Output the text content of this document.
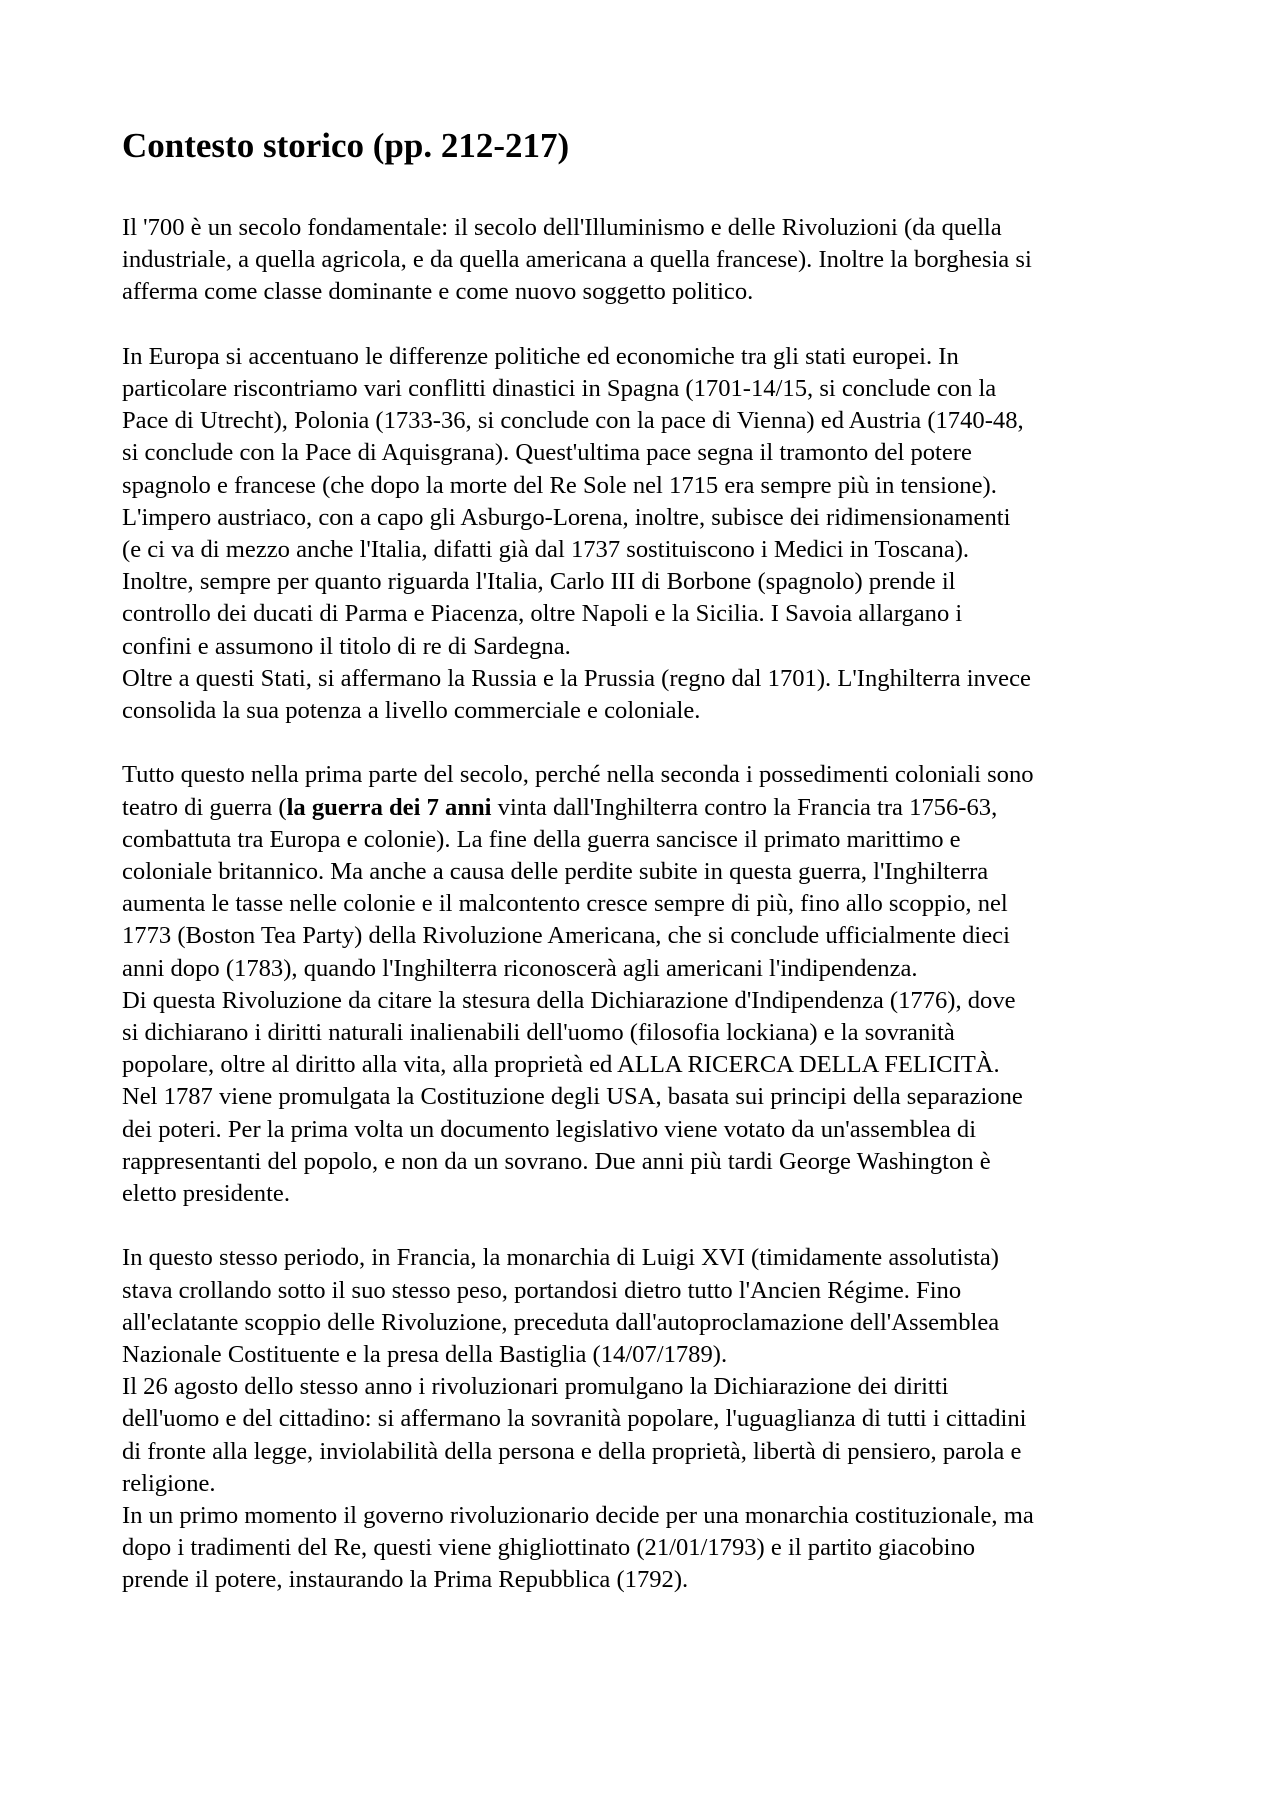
Contesto storico (pp. 212-217)

Il '700 è un secolo fondamentale: il secolo dell'Illuminismo e delle Rivoluzioni (da quella
industriale, a quella agricola, e da quella americana a quella francese). Inoltre la borghesia si
afferma come classe dominante e come nuovo soggetto politico.

In Europa si accentuano le differenze politiche ed economiche tra gli stati europei. In
particolare riscontriamo vari conflitti dinastici in Spagna (1701-14/15, si conclude con la
Pace di Utrecht), Polonia (1733-36, si conclude con la pace di Vienna) ed Austria (1740-48,
si conclude con la Pace di Aquisgrana). Quest'ultima pace segna il tramonto del potere
spagnolo e francese (che dopo la morte del Re Sole nel 1715 era sempre più in tensione).
L'impero austriaco, con a capo gli Asburgo-Lorena, inoltre, subisce dei ridimensionamenti
(e ci va di mezzo anche l'Italia, difatti già dal 1737 sostituiscono i Medici in Toscana).
Inoltre, sempre per quanto riguarda l'Italia, Carlo III di Borbone (spagnolo) prende il
controllo dei ducati di Parma e Piacenza, oltre Napoli e la Sicilia. I Savoia allargano i
confini e assumono il titolo di re di Sardegna.
Oltre a questi Stati, si affermano la Russia e la Prussia (regno dal 1701). L'Inghilterra invece
consolida la sua potenza a livello commerciale e coloniale.

Tutto questo nella prima parte del secolo, perché nella seconda i possedimenti coloniali sono
teatro di guerra (la guerra dei 7 anni vinta dall'Inghilterra contro la Francia tra 1756-63,
combattuta tra Europa e colonie). La fine della guerra sancisce il primato marittimo e
coloniale britannico. Ma anche a causa delle perdite subite in questa guerra, l'Inghilterra
aumenta le tasse nelle colonie e il malcontento cresce sempre di più, fino allo scoppio, nel
1773 (Boston Tea Party) della Rivoluzione Americana, che si conclude ufficialmente dieci
anni dopo (1783), quando l'Inghilterra riconoscerà agli americani l'indipendenza.
Di questa Rivoluzione da citare la stesura della Dichiarazione d'Indipendenza (1776), dove
si dichiarano i diritti naturali inalienabili dell'uomo (filosofia lockiana) e la sovranità
popolare, oltre al diritto alla vita, alla proprietà ed ALLA RICERCA DELLA FELICITÀ.
Nel 1787 viene promulgata la Costituzione degli USA, basata sui principi della separazione
dei poteri. Per la prima volta un documento legislativo viene votato da un'assemblea di
rappresentanti del popolo, e non da un sovrano. Due anni più tardi George Washington è
eletto presidente.

In questo stesso periodo, in Francia, la monarchia di Luigi XVI (timidamente assolutista)
stava crollando sotto il suo stesso peso, portandosi dietro tutto l'Ancien Régime. Fino
all'eclatante scoppio delle Rivoluzione, preceduta dall'autoproclamazione dell'Assemblea
Nazionale Costituente e la presa della Bastiglia (14/07/1789).
Il 26 agosto dello stesso anno i rivoluzionari promulgano la Dichiarazione dei diritti
dell'uomo e del cittadino: si affermano la sovranità popolare, l'uguaglianza di tutti i cittadini
di fronte alla legge, inviolabilità della persona e della proprietà, libertà di pensiero, parola e
religione.
In un primo momento il governo rivoluzionario decide per una monarchia costituzionale, ma
dopo i tradimenti del Re, questi viene ghigliottinato (21/01/1793) e il partito giacobino
prende il potere, instaurando la Prima Repubblica (1792).
